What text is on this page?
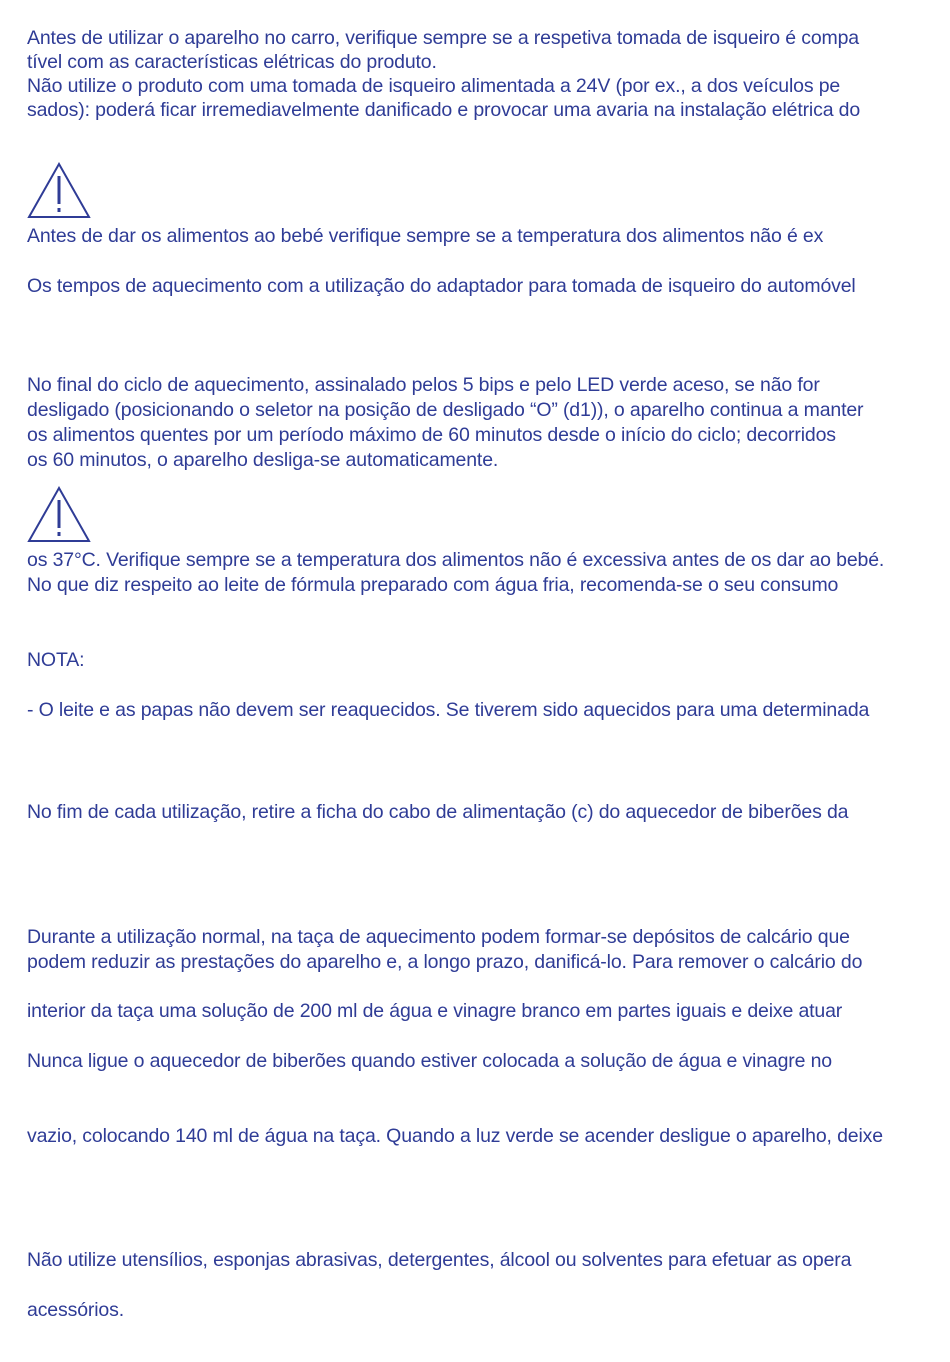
Antes de utilizar o aparelho no carro, verifique sempre se a respetiva tomada de isqueiro é compa
tível com as características elétricas do produto.
Não utilize o produto com uma tomada de isqueiro alimentada a 24V (por ex., a dos veículos pe
sados): poderá ficar irremediavelmente danificado e provocar uma avaria na instalação elétrica do
Antes de dar os alimentos ao bebé verifique sempre se a temperatura dos alimentos não é ex
Os tempos de aquecimento com a utilização do adaptador para tomada de isqueiro do automóvel
No final do ciclo de aquecimento, assinalado pelos 5 bips e pelo LED verde aceso, se não for
desligado (posicionando o seletor na posição de desligado “O” (d1)), o aparelho continua a manter
os alimentos quentes por um período máximo de 60 minutos desde o início do ciclo; decorridos
os 60 minutos, o aparelho desliga-se automaticamente.
os 37°C. Verifique sempre se a temperatura dos alimentos não é excessiva antes de os dar ao bebé.
No que diz respeito ao leite de fórmula preparado com água fria, recomenda-se o seu consumo
NOTA:
- O leite e as papas não devem ser reaquecidos. Se tiverem sido aquecidos para uma determinada
No fim de cada utilização, retire a ficha do cabo de alimentação (c) do aquecedor de biberões da
Durante a utilização normal, na taça de aquecimento podem formar-se depósitos de calcário que
podem reduzir as prestações do aparelho e, a longo prazo, danificá-lo. Para remover o calcário do
interior da taça uma solução de 200 ml de água e vinagre branco em partes iguais e deixe atuar
Nunca ligue o aquecedor de biberões quando estiver colocada a solução de água e vinagre no
vazio, colocando 140 ml de água na taça. Quando a luz verde se acender desligue o aparelho, deixe
Não utilize utensílios, esponjas abrasivas, detergentes, álcool ou solventes para efetuar as opera
acessórios.
